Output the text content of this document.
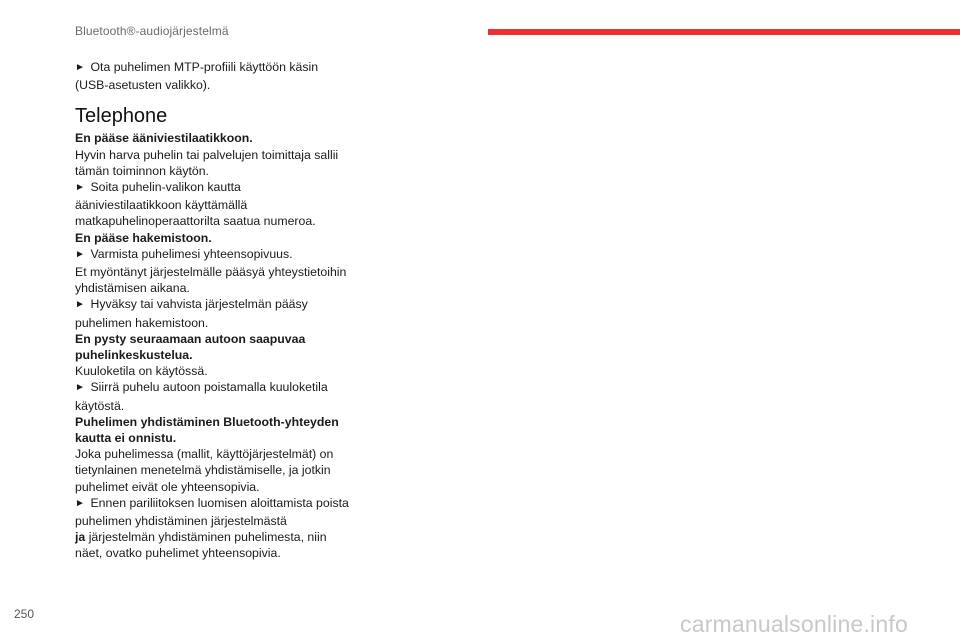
Bluetooth®-audiojärjestelmä

►  Ota puhelimen MTP-profiili käyttöön käsin (USB-asetusten valikko).

Telephone

En pääse ääniviestilaatikkoon.

Hyvin harva puhelin tai palvelujen toimittaja sallii tämän toiminnon käytön.

►  Soita puhelin-valikon kautta ääniviestilaatikkoon käyttämällä matkapuhelinoperaattorilta saatua numeroa.

En pääse hakemistoon.

►  Varmista puhelimesi yhteensopivuus.

Et myöntänyt järjestelmälle pääsyä yhteystietoihin yhdistämisen aikana.

►  Hyväksy tai vahvista järjestelmän pääsy puhelimen hakemistoon.

En pysty seuraamaan autoon saapuvaa puhelinkeskustelua.

Kuuloketila on käytössä.

►  Siirrä puhelu autoon poistamalla kuuloketila käytöstä.

Puhelimen yhdistäminen Bluetooth-yhteyden kautta ei onnistu.

Joka puhelimessa (mallit, käyttöjärjestelmät) on tietynlainen menetelmä yhdistämiselle, ja jotkin puhelimet eivät ole yhteensopivia.

►  Ennen pariliitoksen luomisen aloittamista poista puhelimen yhdistäminen järjestelmästä
ja järjestelmän yhdistäminen puhelimesta, niin näet, ovatko puhelimet yhteensopivia.

250	carmanualsonline.info
